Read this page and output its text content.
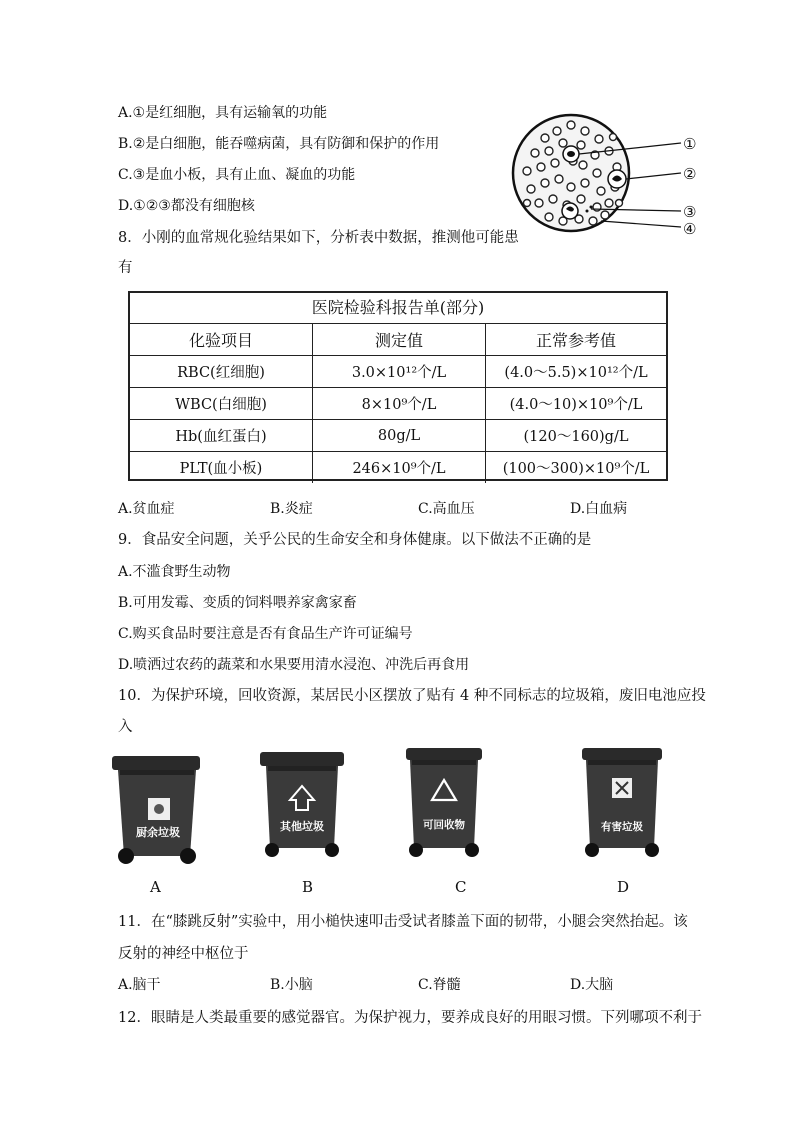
A.①是红细胞，具有运输氧的功能
B.②是白细胞，能吞噬病菌，具有防御和保护的作用
C.③是血小板，具有止血、凝血的功能
D.①②③都没有细胞核
①
②
③
④
8．小刚的血常规化验结果如下，分析表中数据，推测他可能患
有
医院检验科报告单(部分)
化验项目	测定值	正常参考值
RBC(红细胞)	3.0×10¹²个/L	(4.0～5.5)×10¹²个/L
WBC(白细胞)	8×10⁹个/L	(4.0～10)×10⁹个/L
Hb(血红蛋白)	80g/L	(120～160)g/L
PLT(血小板)	246×10⁹个/L	(100～300)×10⁹个/L
A.贫血症	B.炎症	C.高血压	D.白血病
9．食品安全问题，关乎公民的生命安全和身体健康。以下做法不正确的是
A.不滥食野生动物
B.可用发霉、变质的饲料喂养家禽家畜
C.购买食品时要注意是否有食品生产许可证编号
D.喷洒过农药的蔬菜和水果要用清水浸泡、冲洗后再食用
10．为保护环境，回收资源，某居民小区摆放了贴有 4 种不同标志的垃圾箱，废旧电池应投
入
厨余垃圾
A
其他垃圾
B
可回收物
C
有害垃圾
D
11．在“膝跳反射”实验中，用小槌快速叩击受试者膝盖下面的韧带，小腿会突然抬起。该
反射的神经中枢位于
A.脑干	B.小脑	C.脊髓	D.大脑
12．眼睛是人类最重要的感觉器官。为保护视力，要养成良好的用眼习惯。下列哪项不利于
